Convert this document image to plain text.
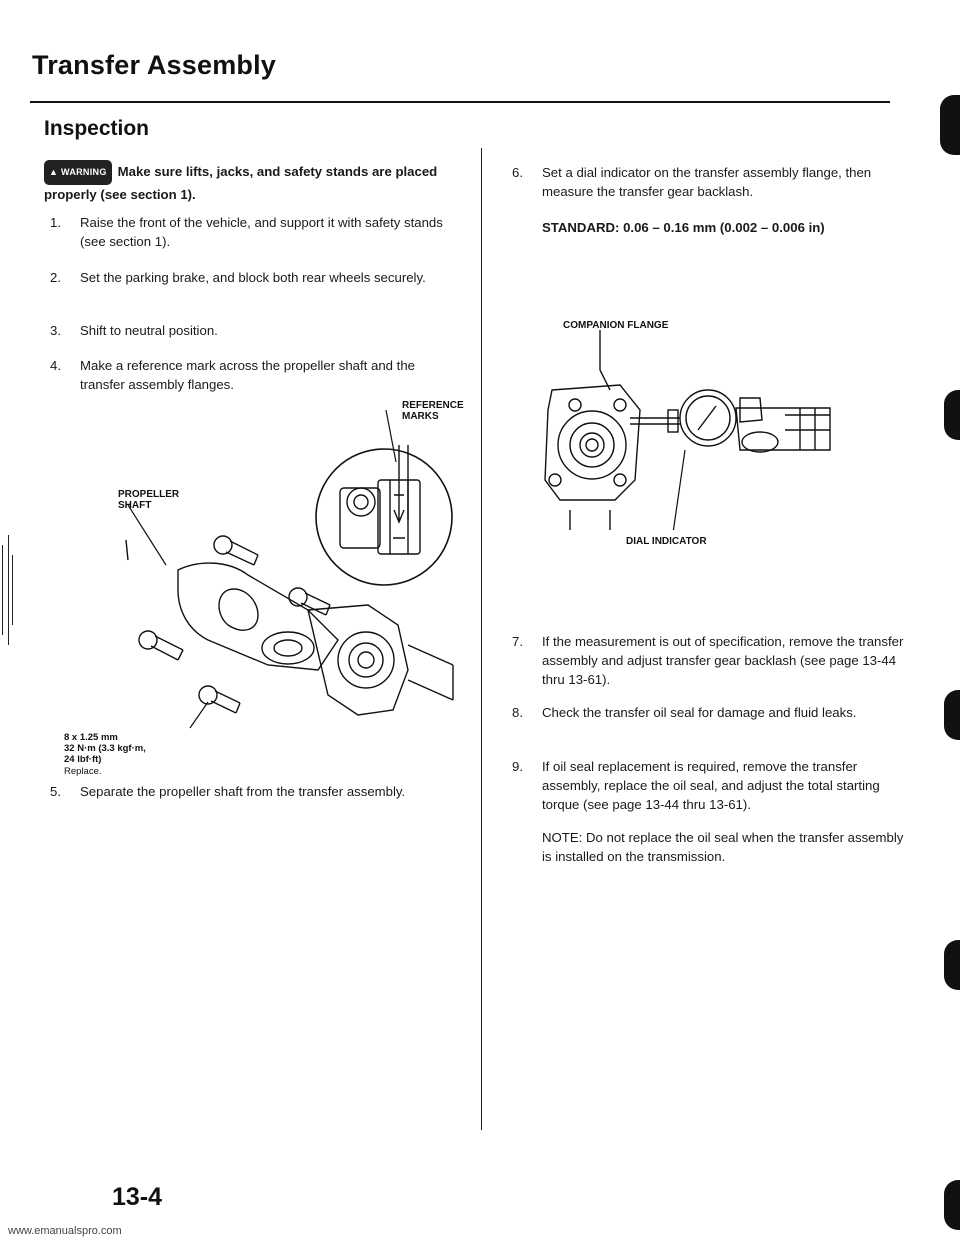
Transfer Assembly
Inspection
▲ WARNING Make sure lifts, jacks, and safety stands are placed properly (see section 1).
1.	Raise the front of the vehicle, and support it with safety stands (see section 1).
2.	Set the parking brake, and block both rear wheels securely.
3.	Shift to neutral position.
4.	Make a reference mark across the propeller shaft and the transfer assembly flanges.
REFERENCE
MARKS
PROPELLER
SHAFT
8 x 1.25 mm
32 N·m (3.3 kgf·m,
24 lbf·ft)
Replace.
5.	Separate the propeller shaft from the transfer assembly.
6.	Set a dial indicator on the transfer assembly flange, then measure the transfer gear backlash.
STANDARD: 0.06 – 0.16 mm (0.002 – 0.006 in)
COMPANION FLANGE
DIAL INDICATOR
7.	If the measurement is out of specification, remove the transfer assembly and adjust transfer gear backlash (see page 13-44 thru 13-61).
8.	Check the transfer oil seal for damage and fluid leaks.
9.	If oil seal replacement is required, remove the transfer assembly, replace the oil seal, and adjust the total starting torque (see page 13-44 thru 13-61).
NOTE: Do not replace the oil seal when the transfer assembly is installed on the transmission.
13-4
www.emanualspro.com
